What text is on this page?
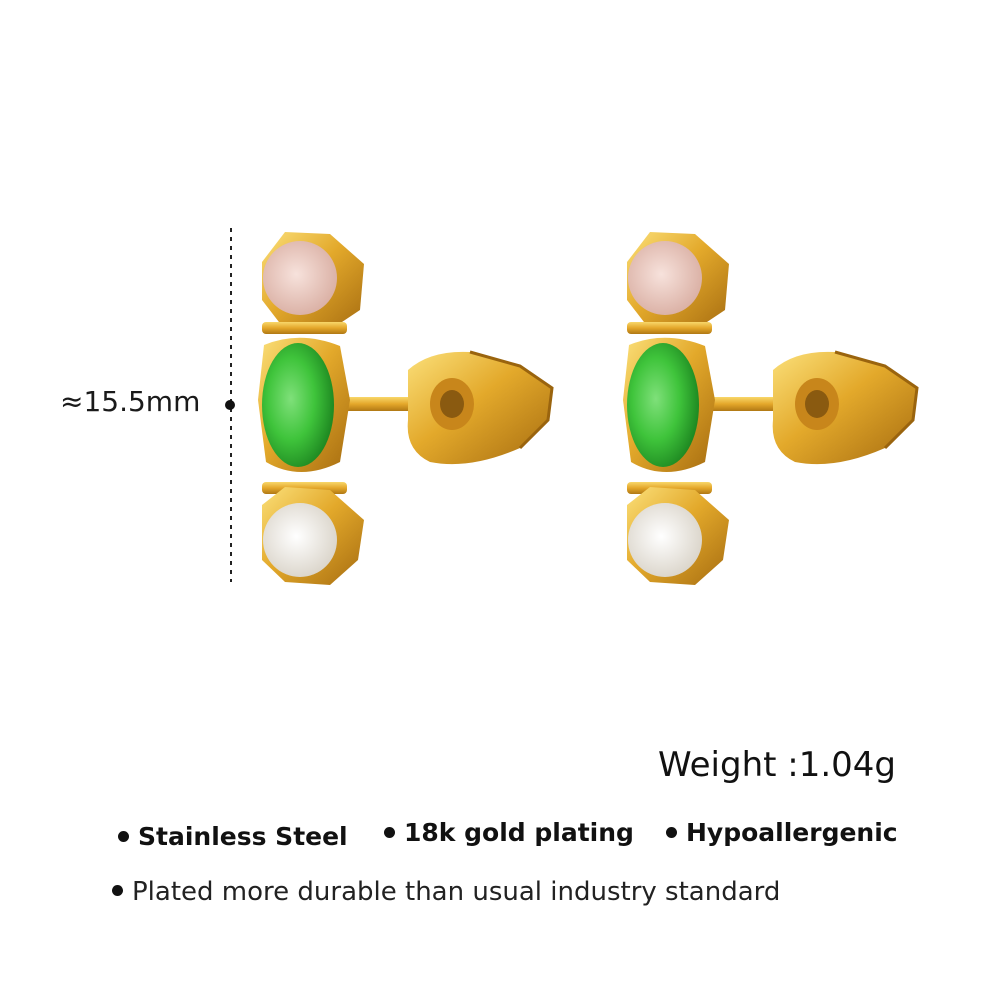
≈15.5mm
Weight :1.04g
Stainless Steel	18k gold plating	Hypoallergenic
Plated more durable than usual industry standard
